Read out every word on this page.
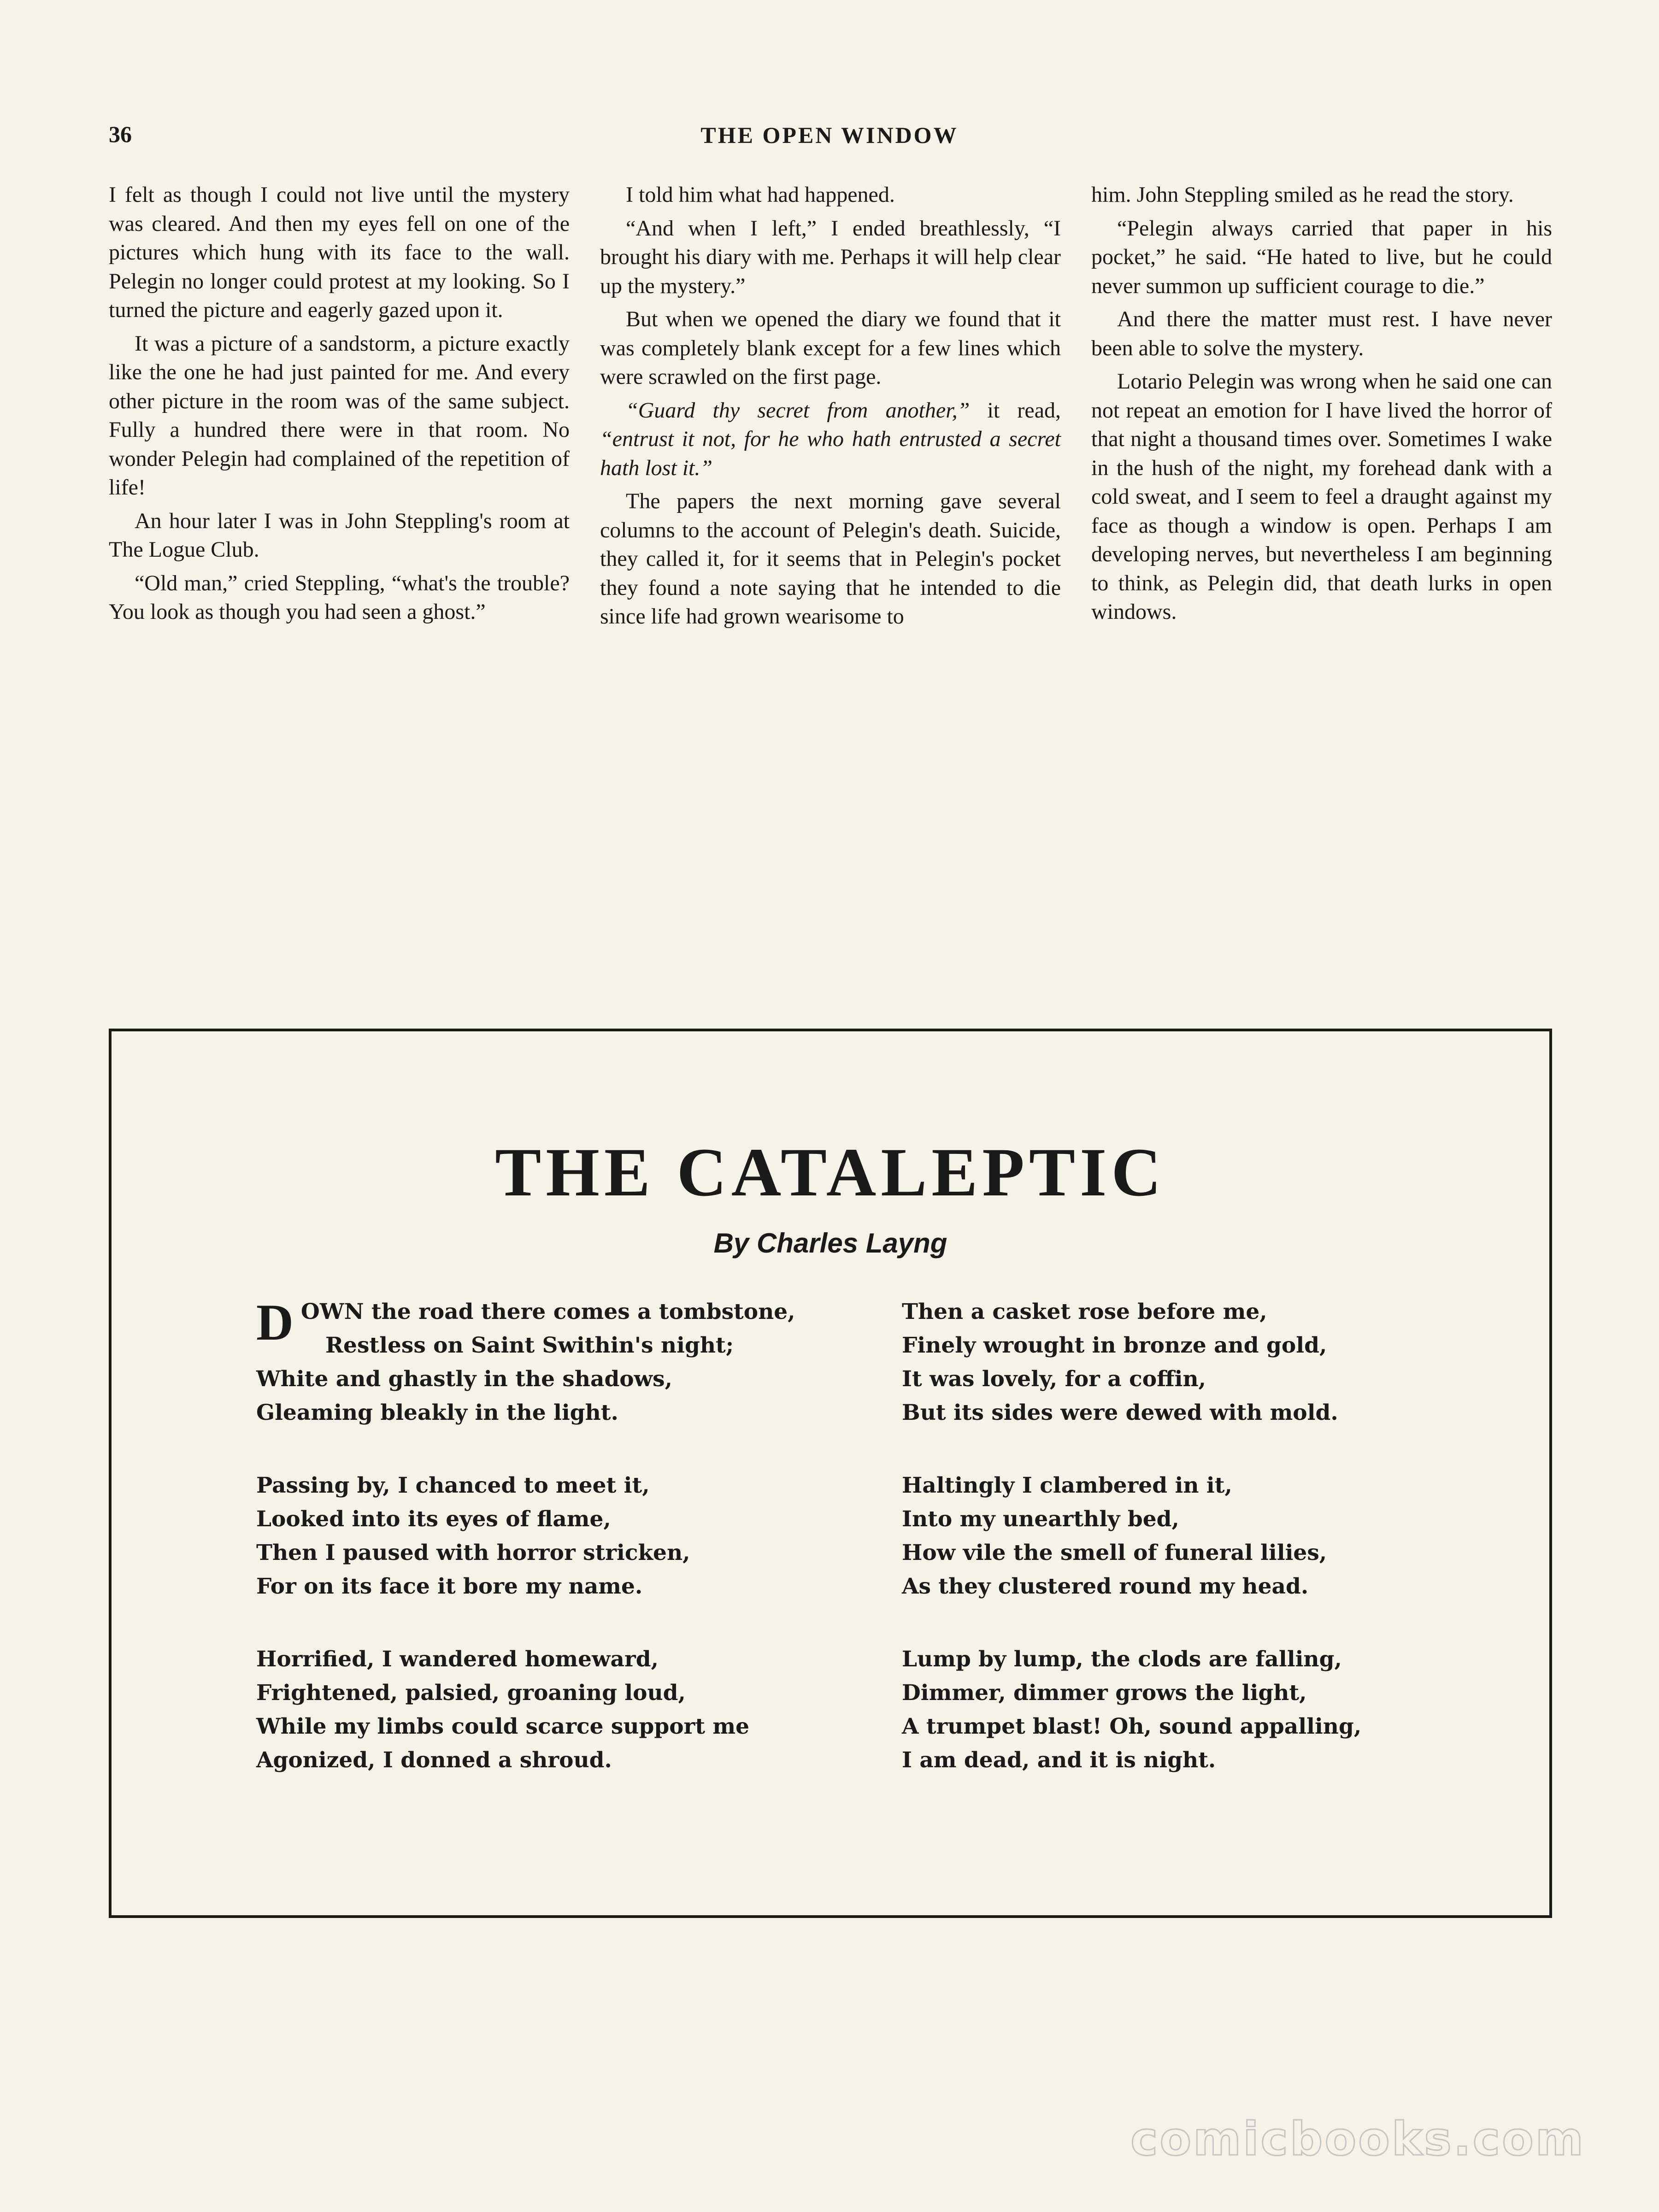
36	THE OPEN WINDOW

I felt as though I could not live until the mystery was cleared. And then my eyes fell on one of the pictures which hung with its face to the wall. Pelegin no longer could protest at my looking. So I turned the picture and eagerly gazed upon it.

It was a picture of a sandstorm, a picture exactly like the one he had just painted for me. And every other picture in the room was of the same subject. Fully a hundred there were in that room. No wonder Pelegin had complained of the repetition of life!

An hour later I was in John Steppling's room at The Logue Club.

“Old man,” cried Steppling, “what's the trouble? You look as though you had seen a ghost.”

I told him what had happened.

“And when I left,” I ended breathlessly, “I brought his diary with me. Perhaps it will help clear up the mystery.”

But when we opened the diary we found that it was completely blank except for a few lines which were scrawled on the first page.

“Guard thy secret from another,” it read, “entrust it not, for he who hath entrusted a secret hath lost it.”

The papers the next morning gave several columns to the account of Pelegin's death. Suicide, they called it, for it seems that in Pelegin's pocket they found a note saying that he intended to die since life had grown wearisome to

him. John Steppling smiled as he read the story.

“Pelegin always carried that paper in his pocket,” he said. “He hated to live, but he could never summon up sufficient courage to die.”

And there the matter must rest. I have never been able to solve the mystery.

Lotario Pelegin was wrong when he said one can not repeat an emotion for I have lived the horror of that night a thousand times over. Sometimes I wake in the hush of the night, my forehead dank with a cold sweat, and I seem to feel a draught against my face as though a window is open. Perhaps I am developing nerves, but nevertheless I am beginning to think, as Pelegin did, that death lurks in open windows.

THE CATALEPTIC
By Charles Layng
DOWN the road there comes a tombstone,
Restless on Saint Swithin's night;
White and ghastly in the shadows,
Gleaming bleakly in the light.
Passing by, I chanced to meet it,
Looked into its eyes of flame,
Then I paused with horror stricken,
For on its face it bore my name.
Horrified, I wandered homeward,
Frightened, palsied, groaning loud,
While my limbs could scarce support me
Agonized, I donned a shroud.
Then a casket rose before me,
Finely wrought in bronze and gold,
It was lovely, for a coffin,
But its sides were dewed with mold.
Haltingly I clambered in it,
Into my unearthly bed,
How vile the smell of funeral lilies,
As they clustered round my head.
Lump by lump, the clods are falling,
Dimmer, dimmer grows the light,
A trumpet blast! Oh, sound appalling,
I am dead, and it is night.
comicbooks.com
